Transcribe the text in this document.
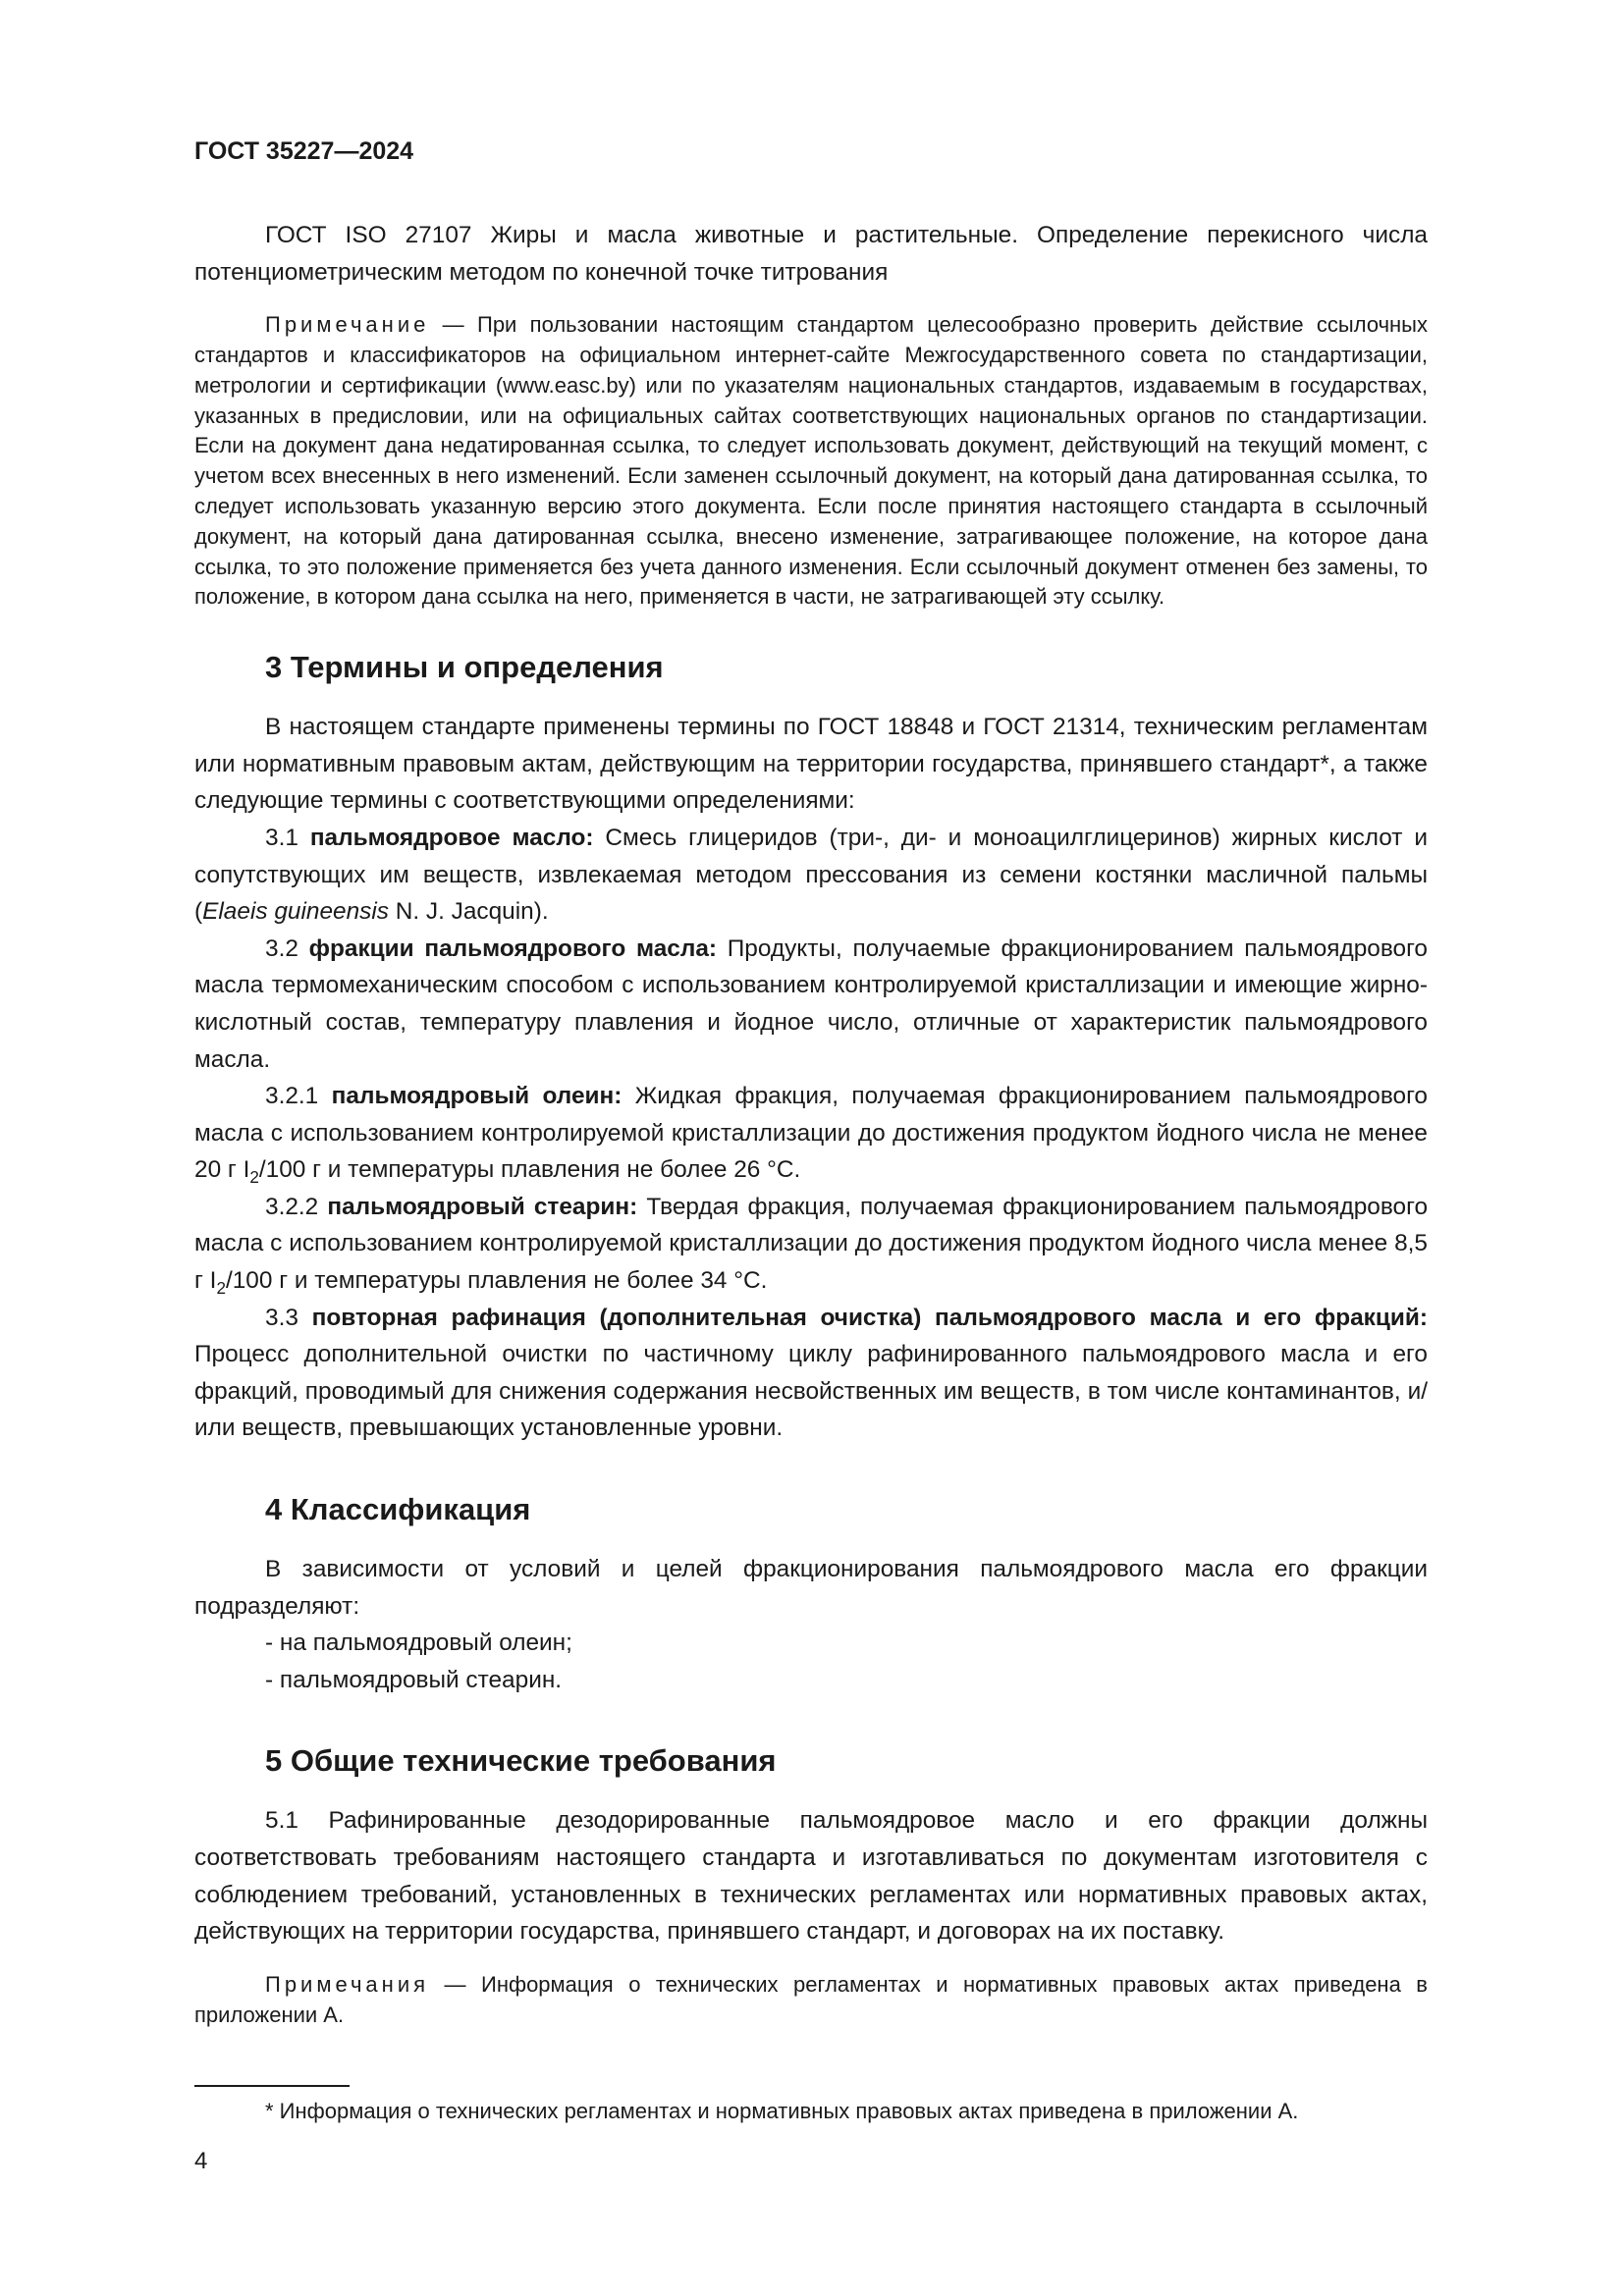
ГОСТ 35227—2024

ГОСТ ISO 27107 Жиры и масла животные и растительные. Определение перекисного числа потенциометрическим методом по конечной точке титрования

Примечание — При пользовании настоящим стандартом целесообразно проверить действие ссылочных стандартов и классификаторов на официальном интернет-сайте Межгосударственного совета по стандартизации, метрологии и сертификации (www.easc.by) или по указателям национальных стандартов, издаваемым в государствах, указанных в предисловии, или на официальных сайтах соответствующих национальных органов по стандартизации. Если на документ дана недатированная ссылка, то следует использовать документ, действующий на текущий момент, с учетом всех внесенных в него изменений. Если заменен ссылочный документ, на который дана датированная ссылка, то следует использовать указанную версию этого документа. Если после принятия настоящего стандарта в ссылочный документ, на который дана датированная ссылка, внесено изменение, затрагивающее положение, на которое дана ссылка, то это положение применяется без учета данного изменения. Если ссылочный документ отменен без замены, то положение, в котором дана ссылка на него, применяется в части, не затрагивающей эту ссылку.

3 Термины и определения

В настоящем стандарте применены термины по ГОСТ 18848 и ГОСТ 21314, техническим регламентам или нормативным правовым актам, действующим на территории государства, принявшего стандарт*, а также следующие термины с соответствующими определениями:

3.1 пальмоядровое масло: Смесь глицеридов (три-, ди- и моноацилглицеринов) жирных кислот и сопутствующих им веществ, извлекаемая методом прессования из семени костянки масличной пальмы (Elaeis guineensis N. J. Jacquin).

3.2 фракции пальмоядрового масла: Продукты, получаемые фракционированием пальмоядрового масла термомеханическим способом с использованием контролируемой кристаллизации и имеющие жирно-кислотный состав, температуру плавления и йодное число, отличные от характеристик пальмоядрового масла.

3.2.1 пальмоядровый олеин: Жидкая фракция, получаемая фракционированием пальмоядрового масла с использованием контролируемой кристаллизации до достижения продуктом йодного числа не менее 20 г $I_2/100$ г и температуры плавления не более 26 °С.

3.2.2 пальмоядровый стеарин: Твердая фракция, получаемая фракционированием пальмоядрового масла с использованием контролируемой кристаллизации до достижения продуктом йодного числа менее 8,5 г $I_2/100$ г и температуры плавления не более 34 °С.

3.3 повторная рафинация (дополнительная очистка) пальмоядрового масла и его фракций: Процесс дополнительной очистки по частичному циклу рафинированного пальмоядрового масла и его фракций, проводимый для снижения содержания несвойственных им веществ, в том числе контаминантов, и/или веществ, превышающих установленные уровни.

4 Классификация

В зависимости от условий и целей фракционирования пальмоядрового масла его фракции подразделяют:

- на пальмоядровый олеин;
- пальмоядровый стеарин.
5 Общие технические требования

5.1 Рафинированные дезодорированные пальмоядровое масло и его фракции должны соответствовать требованиям настоящего стандарта и изготавливаться по документам изготовителя с соблюдением требований, установленных в технических регламентах или нормативных правовых актах, действующих на территории государства, принявшего стандарт, и договорах на их поставку.

Примечания — Информация о технических регламентах и нормативных правовых актах приведена в приложении А.

* Информация о технических регламентах и нормативных правовых актах приведена в приложении А.
4
